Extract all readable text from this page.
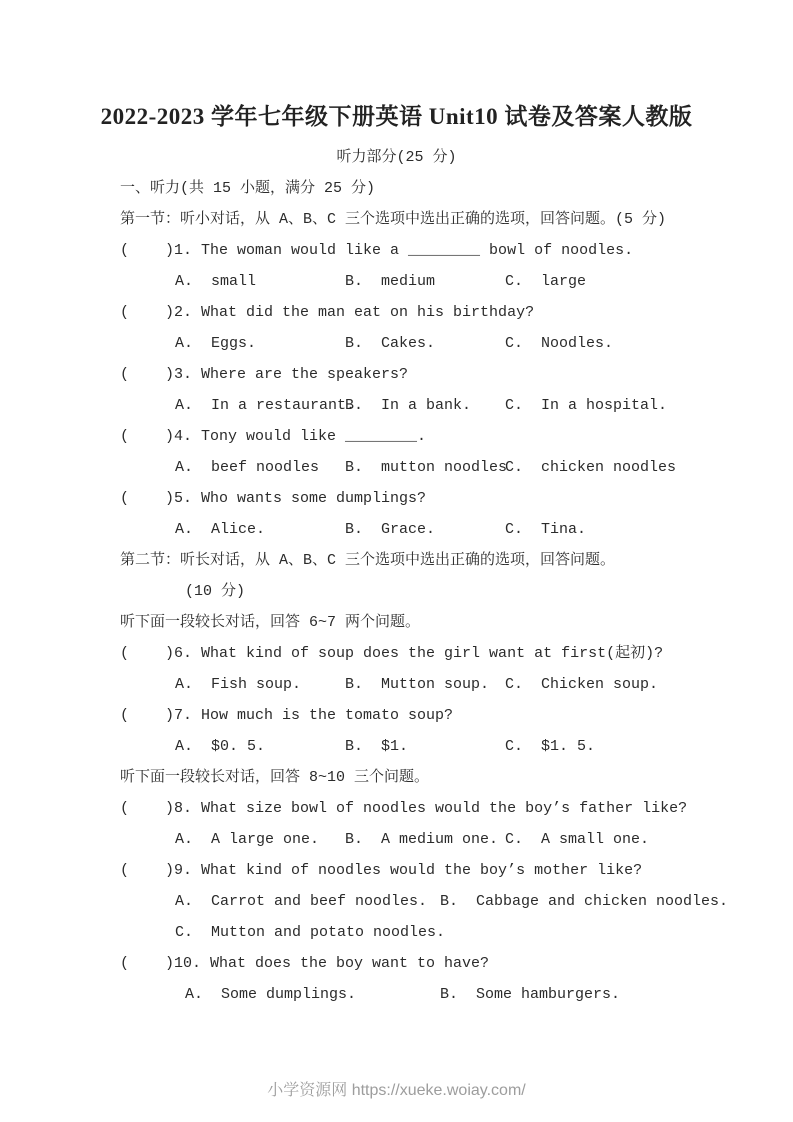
2022-2023 学年七年级下册英语 Unit10 试卷及答案人教版
听力部分(25 分)
一、听力(共 15 小题，满分 25 分)
第一节：听小对话，从 A、B、C 三个选项中选出正确的选项，回答问题。(5 分)
(    )1. The woman would like a ________ bowl of noodles.
A.  small	B.  medium	C.  large
(    )2. What did the man eat on his birthday?
A.  Eggs.	B.  Cakes.	C.  Noodles.
(    )3. Where are the speakers?
A.  In a restaurant.
B.  In a bank. C.  In a hospital.
(    )4. Tony would like ________.
A.  beef noodles B.  mutton noodles
C.  chicken noodles
(    )5. Who wants some dumplings?
A.  Alice.	B.  Grace.	C.  Tina.
第二节：听长对话，从 A、B、C 三个选项中选出正确的选项，回答问题。
(10 分)
听下面一段较长对话，回答 6~7 两个问题。
(    )6. What kind of soup does the girl want at first(起初)?
A.  Fish soup.	B.  Mutton soup. C.  Chicken soup.
(    )7. How much is the tomato soup?
A.  $0. 5.	B.  $1.	C.  $1. 5.
听下面一段较长对话，回答 8~10 三个问题。
(    )8. What size bowl of noodles would the boy’s father like?
A.  A large one. B.  A medium one. C.  A small one.
(    )9. What kind of noodles would the boy’s mother like?
A.  Carrot and beef noodles. B.  Cabbage and chicken noodles.
C.  Mutton and potato noodles.
(    )10. What does the boy want to have?
A.  Some dumplings.	B.  Some hamburgers.
小学资源网 https://xueke.woiay.com/
